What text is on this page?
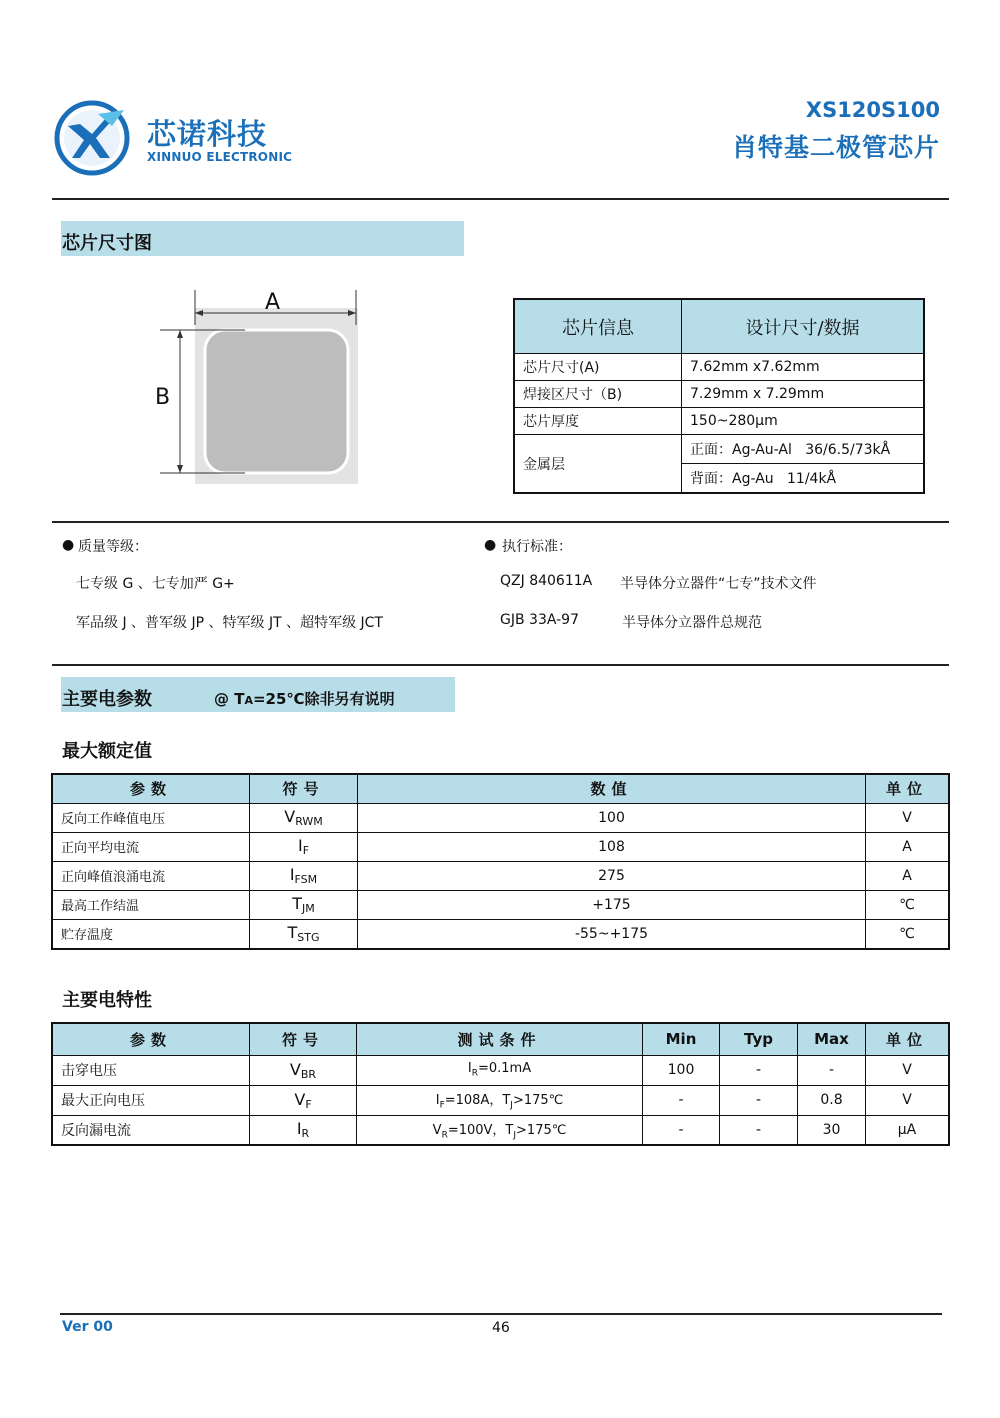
芯诺科技
XINNUO ELECTRONIC
XS120S100
肖特基二极管芯片
芯片尺寸图
A
B
芯片信息	设计尺寸/数据
芯片尺寸(A)	7.62mm x7.62mm
焊接区尺寸（B)	7.29mm x 7.29mm
芯片厚度	150~280μm
金属层	正面：Ag-Au-Al   36/6.5/73kÅ
	背面：Ag-Au   11/4kÅ
● 质量等级：
七专级 G 、七专加严 G+
军品级 J 、普军级 JP 、特军级 JT 、超特军级 JCT
● 执行标准：
QZJ 840611A 半导体分立器件“七专”技术文件
GJB 33A-97	半导体分立器件总规范
主要电参数	@ TA=25℃除非另有说明
最大额定值
参数	符号	数值	单位
反向工作峰值电压	$V_{RWM}$	100	V
正向平均电流	$I_F$	108	A
正向峰值浪涌电流	$I_{FSM}$	275	A
最高工作结温	$T_{JM}$	+175	℃
贮存温度	$T_{STG}$	-55~+175	℃
主要电特性
参数	符号	测试条件	Min	Typ	Max	单位
击穿电压	$V_{BR}$	$I_R=0.1mA$	100	-	-	V
最大正向电压	$V_F$	$I_F=108A$，$T_J>175℃$	-	-	0.8	V
反向漏电流	$I_R$	$V_R=100V$，$T_J>175℃$	-	-	30	μA
Ver 00	46
